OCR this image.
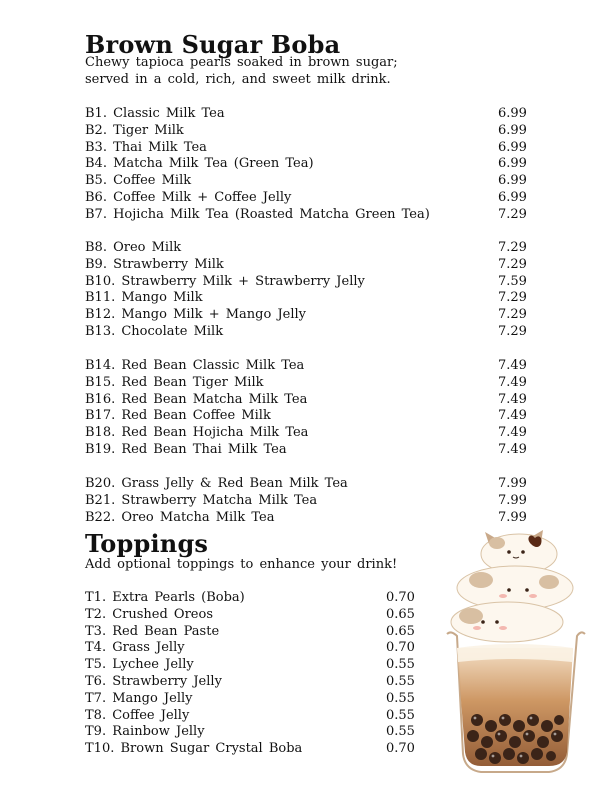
Brown Sugar Boba

Chewy tapioca pearls soaked in brown sugar;

served in a cold, rich, and sweet milk drink.

B1. Classic Milk Tea	6.99
B2. Tiger Milk	6.99
B3. Thai Milk Tea	6.99
B4. Matcha Milk Tea (Green Tea)	6.99
B5. Coffee Milk	6.99
B6. Coffee Milk + Coffee Jelly	6.99
B7. Hojicha Milk Tea (Roasted Matcha Green Tea)	7.29
B8. Oreo Milk	7.29
B9. Strawberry Milk	7.29
B10. Strawberry Milk + Strawberry Jelly	7.59
B11. Mango Milk	7.29
B12. Mango Milk + Mango Jelly	7.29
B13. Chocolate Milk	7.29
B14. Red Bean Classic Milk Tea	7.49
B15. Red Bean Tiger Milk	7.49
B16. Red Bean Matcha Milk Tea	7.49
B17. Red Bean Coffee Milk	7.49
B18. Red Bean Hojicha Milk Tea	7.49
B19. Red Bean Thai Milk Tea	7.49
B20. Grass Jelly & Red Bean Milk Tea	7.99
B21. Strawberry Matcha Milk Tea	7.99
B22. Oreo Matcha Milk Tea	7.99
Toppings

Add optional toppings to enhance your drink!

T1. Extra Pearls (Boba)	0.70
T2. Crushed Oreos	0.65
T3. Red Bean Paste	0.65
T4. Grass Jelly	0.70
T5. Lychee Jelly	0.55
T6. Strawberry Jelly	0.55
T7. Mango Jelly	0.55
T8. Coffee Jelly	0.55
T9. Rainbow Jelly	0.55
T10. Brown Sugar Crystal Boba	0.70
